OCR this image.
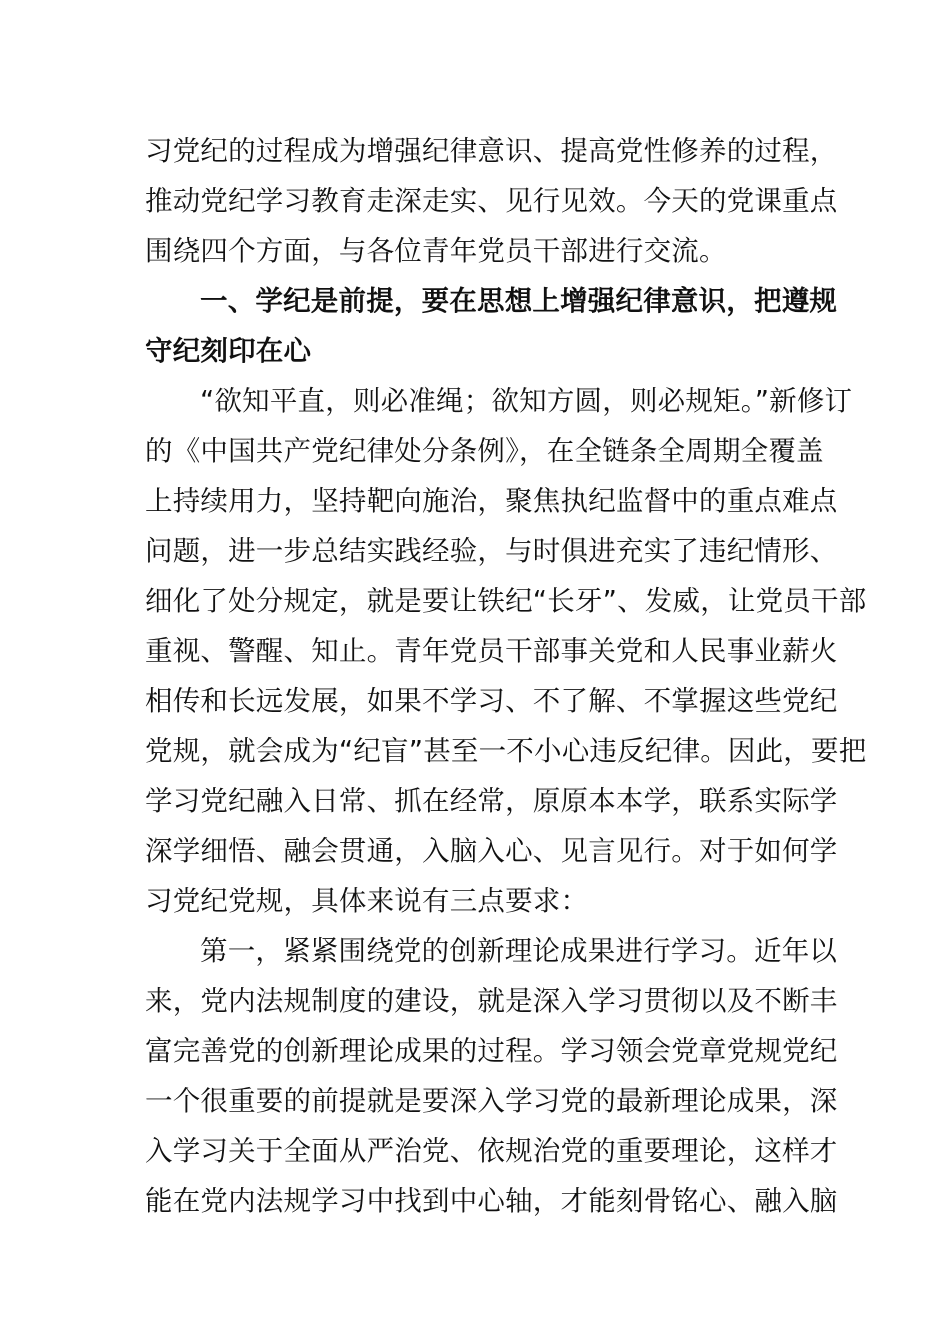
习党纪的过程成为增强纪律意识、提高党性修养的过程，
推动党纪学习教育走深走实、见行见效。今天的党课重点
围绕四个方面，与各位青年党员干部进行交流。
一、学纪是前提，要在思想上增强纪律意识，把遵规
守纪刻印在心
“欲知平直，则必准绳；欲知方圆，则必规矩。”新修订
的《中国共产党纪律处分条例》，在全链条全周期全覆盖
上持续用力，坚持靶向施治，聚焦执纪监督中的重点难点
问题，进一步总结实践经验，与时俱进充实了违纪情形、
细化了处分规定，就是要让铁纪“长牙”、发威，让党员干部
重视、警醒、知止。青年党员干部事关党和人民事业薪火
相传和长远发展，如果不学习、不了解、不掌握这些党纪
党规，就会成为“纪盲”甚至一不小心违反纪律。因此，要把
学习党纪融入日常、抓在经常，原原本本学，联系实际学
深学细悟、融会贯通，入脑入心、见言见行。对于如何学
习党纪党规，具体来说有三点要求：
第一，紧紧围绕党的创新理论成果进行学习。近年以
来，党内法规制度的建设，就是深入学习贯彻以及不断丰
富完善党的创新理论成果的过程。学习领会党章党规党纪
一个很重要的前提就是要深入学习党的最新理论成果，深
入学习关于全面从严治党、依规治党的重要理论，这样才
能在党内法规学习中找到中心轴，才能刻骨铭心、融入脑
